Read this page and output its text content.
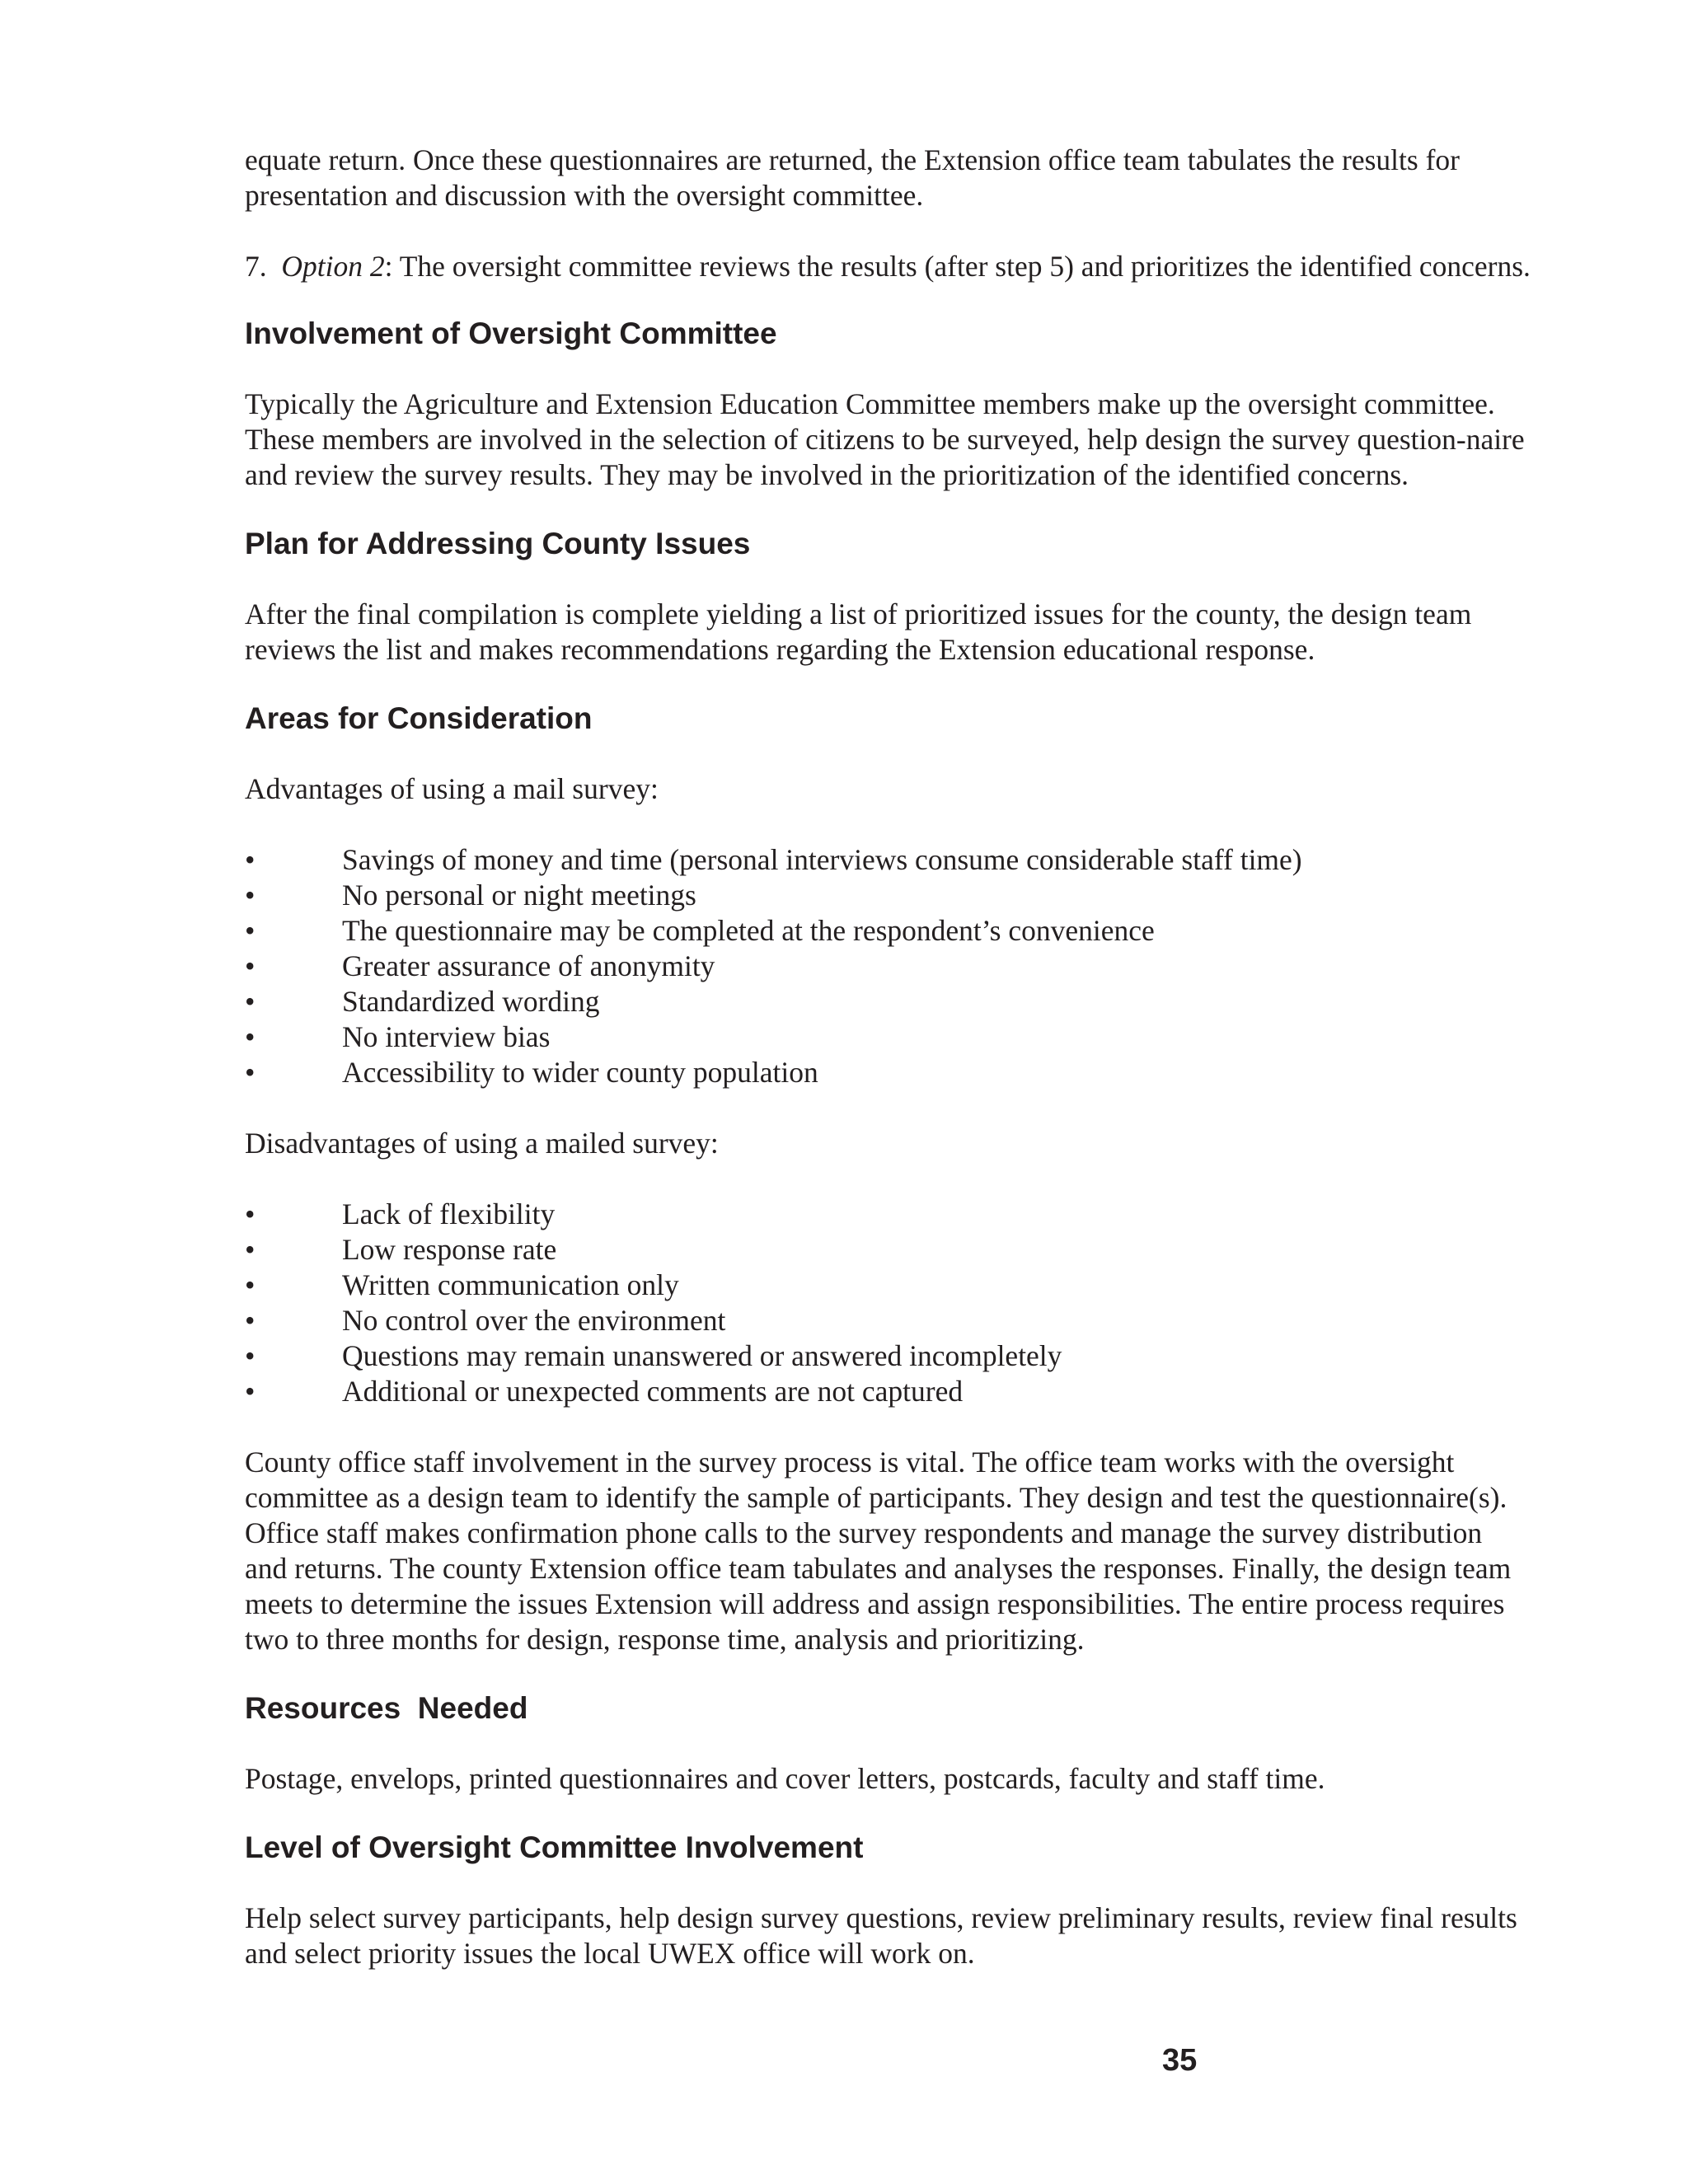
equate return. Once these questionnaires are returned, the Extension office team tabulates the results for presentation and discussion with the oversight committee.

7. Option 2: The oversight committee reviews the results (after step 5) and prioritizes the identified concerns.

Involvement of Oversight Committee

Typically the Agriculture and Extension Education Committee members make up the oversight committee. These members are involved in the selection of citizens to be surveyed, help design the survey question-naire and review the survey results. They may be involved in the prioritization of the identified concerns.

Plan for Addressing County Issues

After the final compilation is complete yielding a list of prioritized issues for the county, the design team reviews the list and makes recommendations regarding the Extension educational response.

Areas for Consideration

Advantages of using a mail survey:

•	Savings of money and time (personal interviews consume considerable staff time)
•	No personal or night meetings
•	The questionnaire may be completed at the respondent’s convenience
•	Greater assurance of anonymity
•	Standardized wording
•	No interview bias
•	Accessibility to wider county population

Disadvantages of using a mailed survey:

•	Lack of flexibility
•	Low response rate
•	Written communication only
•	No control over the environment
•	Questions may remain unanswered or answered incompletely
•	Additional or unexpected comments are not captured

County office staff involvement in the survey process is vital. The office team works with the oversight committee as a design team to identify the sample of participants. They design and test the questionnaire(s). Office staff makes confirmation phone calls to the survey respondents and manage the survey distribution and returns. The county Extension office team tabulates and analyses the responses. Finally, the design team meets to determine the issues Extension will address and assign responsibilities. The entire process requires two to three months for design, response time, analysis and prioritizing.

Resources  Needed

Postage, envelops, printed questionnaires and cover letters, postcards, faculty and staff time.

Level of Oversight Committee Involvement

Help select survey participants, help design survey questions, review preliminary results, review final results and select priority issues the local UWEX office will work on.

35
